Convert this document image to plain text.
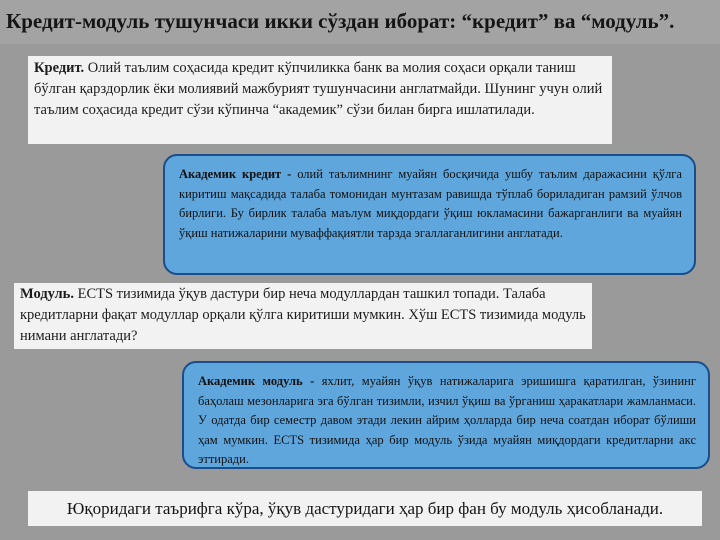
Кредит-модуль тушунчаси икки сўздан иборат: “кредит” ва “модуль”.
Кредит. Олий таълим соҳасида кредит кўпчиликка банк ва молия соҳаси орқали таниш бўлган қарздорлик ёки молиявий мажбурият тушунчасини англатмайди. Шунинг учун олий таълим соҳасида кредит сўзи кўпинча “академик” сўзи билан бирга ишлатилади.
Академик кредит - олий таълимнинг муайян босқичида ушбу таълим даражасини қўлга киритиш мақсадида талаба томонидан мунтазам равишда тўплаб бориладиган рамзий ўлчов бирлиги. Бу бирлик талаба маълум миқдордаги ўқиш юкламасини бажарганлиги ва муайян ўқиш натижаларини муваффақиятли тарзда эгаллаганлигини англатади.
Модуль. ECTS тизимида ўқув дастури бир неча модуллардан ташкил топади. Талаба кредитларни фақат модуллар орқали қўлга киритиши мумкин. Хўш ECTS тизимида модуль нимани англатади?
Академик модуль - яхлит, муайян ўқув натижаларига эришишга қаратилган, ўзининг баҳолаш мезонларига эга бўлган тизимли, изчил ўқиш ва ўрганиш ҳаракатлари жамланмаси. У одатда бир семестр давом этади лекин айрим ҳолларда бир неча соатдан иборат бўлиши ҳам мумкин. ECTS тизимида ҳар бир модуль ўзида муайян миқдордаги кредитларни акс эттиради.
Юқоридаги таърифга кўра, ўқув дастуридаги ҳар бир фан бу модуль ҳисобланади.
